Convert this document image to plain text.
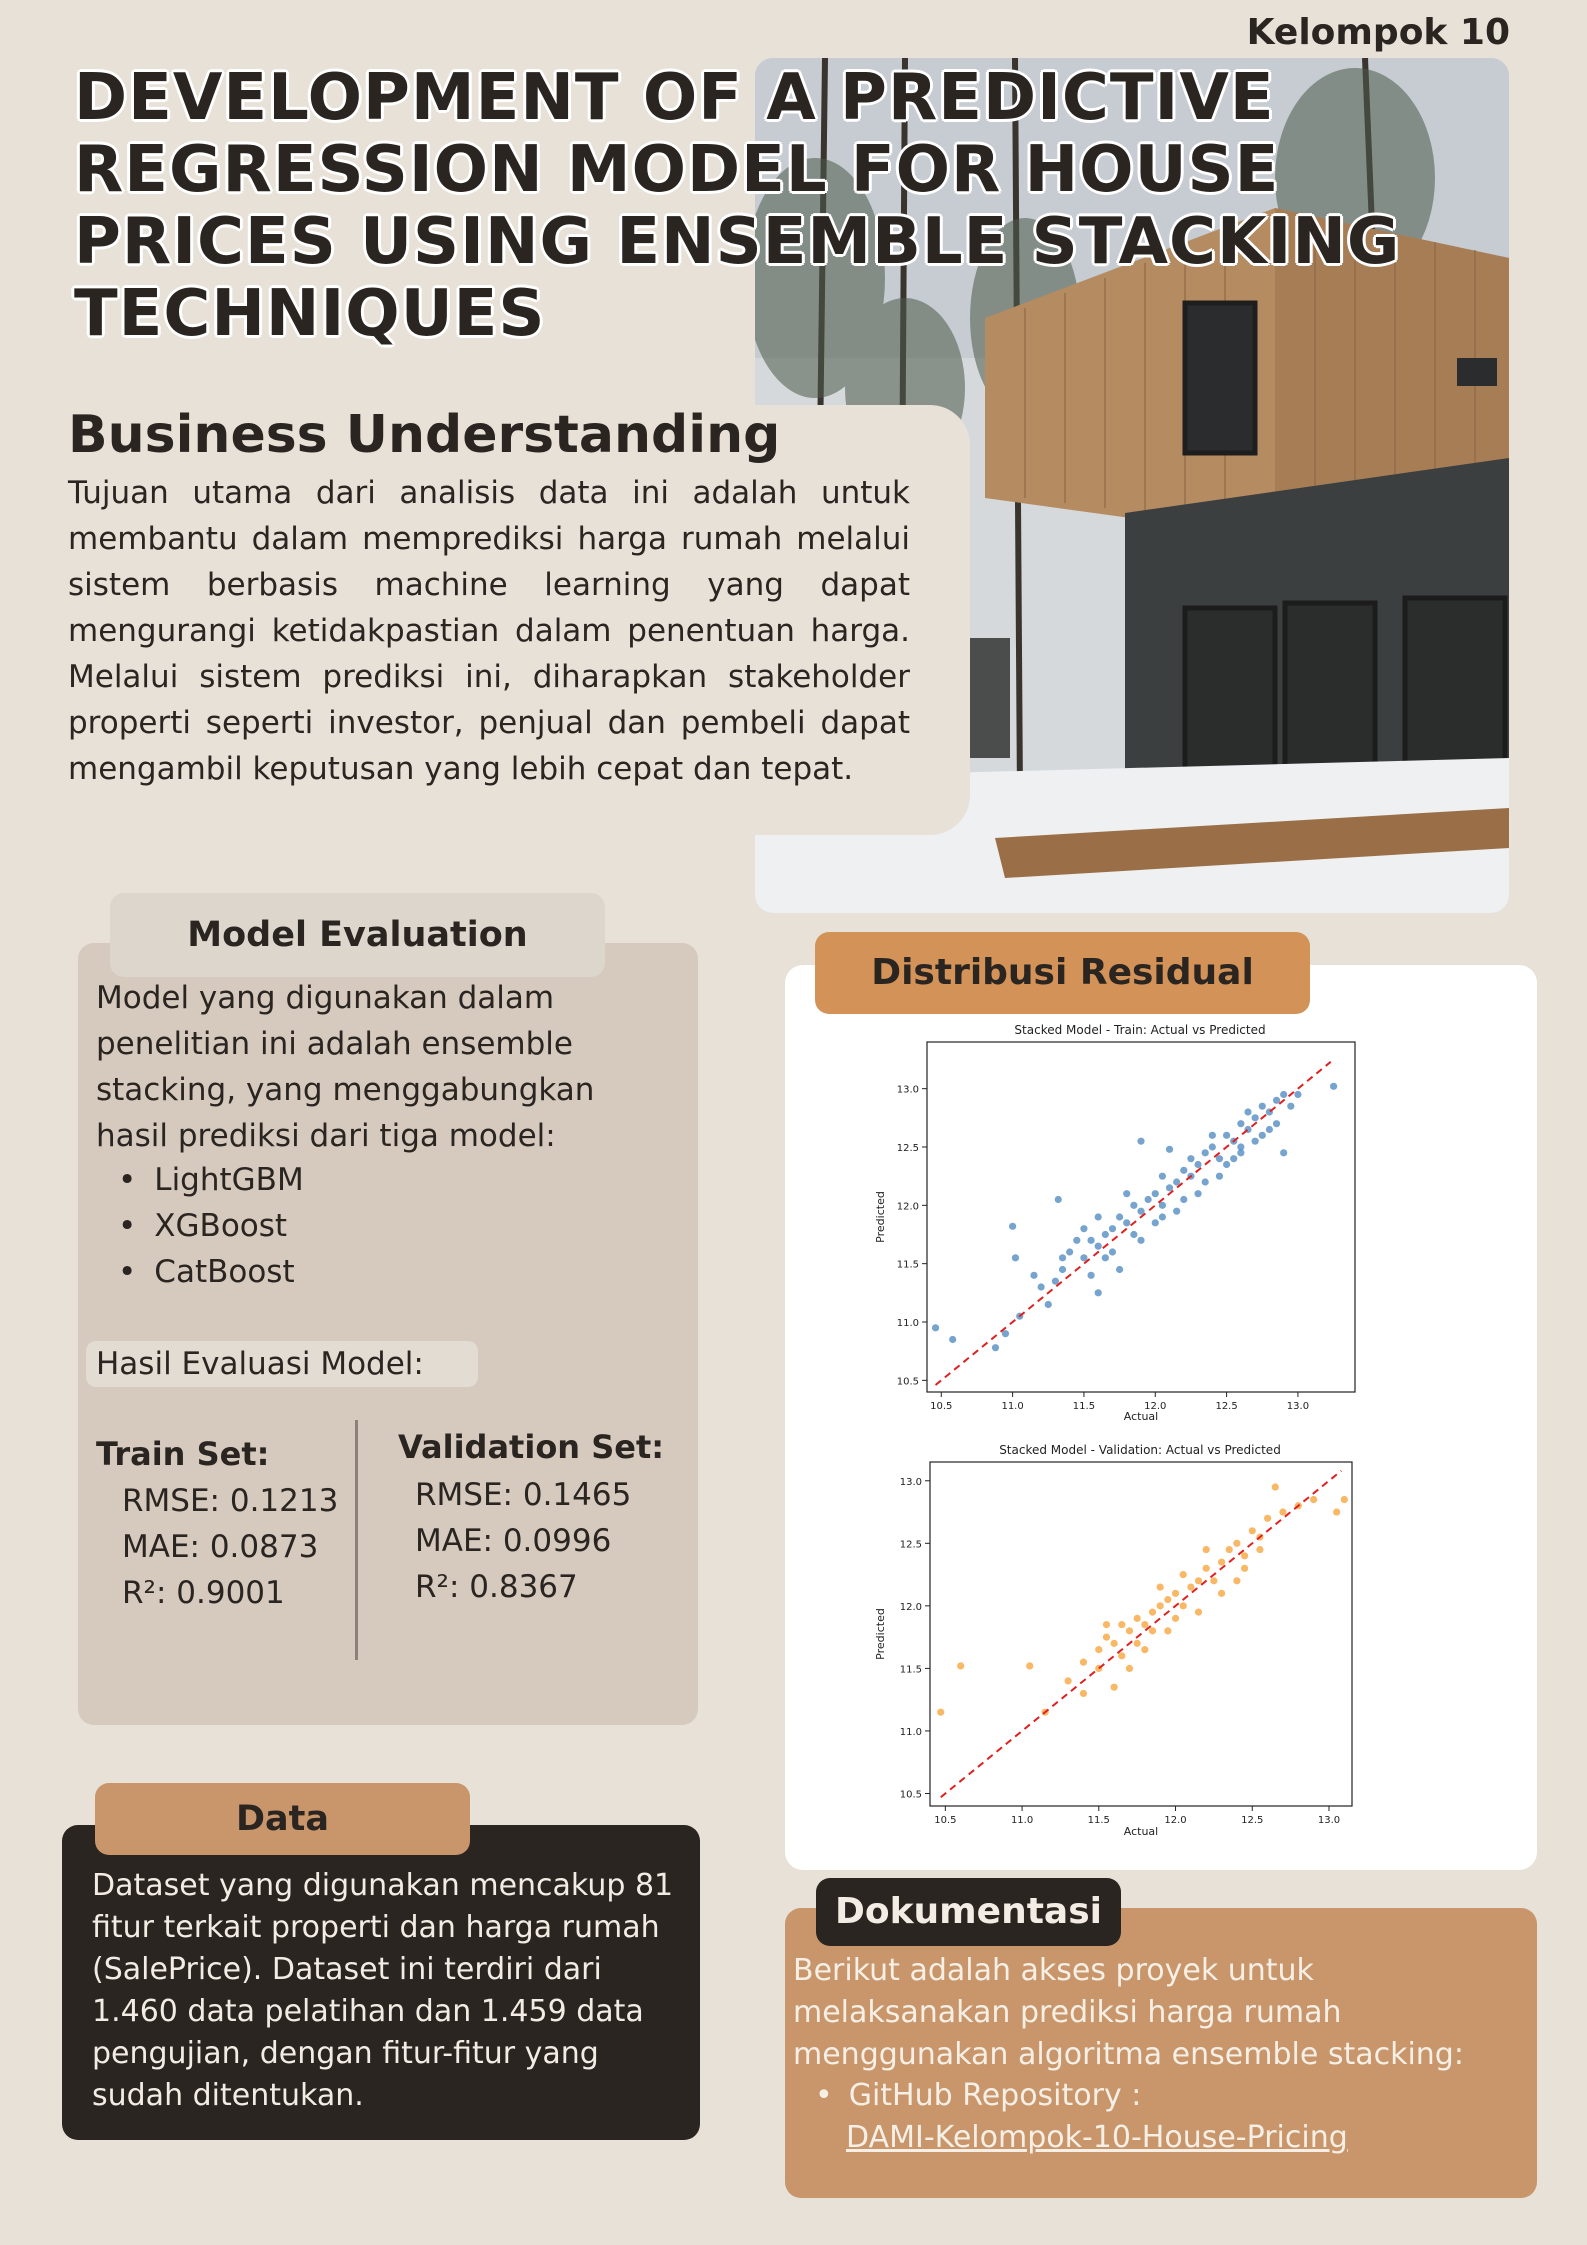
Kelompok 10
DEVELOPMENT OF A PREDICTIVE REGRESSION MODEL FOR HOUSE PRICES USING ENSEMBLE STACKING TECHNIQUES
Business Understanding
Tujuan utama dari analisis data ini adalah untuk membantu dalam memprediksi harga rumah melalui sistem berbasis machine learning yang dapat mengurangi ketidakpastian dalam penentuan harga. Melalui sistem prediksi ini, diharapkan stakeholder properti seperti investor, penjual dan pembeli dapat mengambil keputusan yang lebih cepat dan tepat.
Model Evaluation
Model yang digunakan dalam penelitian ini adalah ensemble stacking, yang menggabungkan hasil prediksi dari tiga model:
• LightGBM
• XGBoost
• CatBoost
Hasil Evaluasi Model:
Train Set:
RMSE: 0.1213
MAE: 0.0873
R²: 0.9001
Validation Set:
RMSE: 0.1465
MAE: 0.0996
R²: 0.8367
Data
Dataset yang digunakan mencakup 81 fitur terkait properti dan harga rumah (SalePrice). Dataset ini terdiri dari 1.460 data pelatihan dan 1.459 data pengujian, dengan fitur-fitur yang sudah ditentukan.
Distribusi Residual
Stacked Model - Train: Actual vs Predicted
10.5	11.0	11.5	12.0	12.5	13.0
10.5
11.0
11.5
12.0
12.5
13.0
Actual
Predicted
Stacked Model - Validation: Actual vs Predicted
10.5	11.0	11.5	12.0	12.5	13.0
10.5
11.0
11.5
12.0
12.5
13.0
Actual
Predicted
Dokumentasi
Berikut adalah akses proyek untuk melaksanakan prediksi harga rumah menggunakan algoritma ensemble stacking:
• GitHub Repository :
DAMI-Kelompok-10-House-Pricing
